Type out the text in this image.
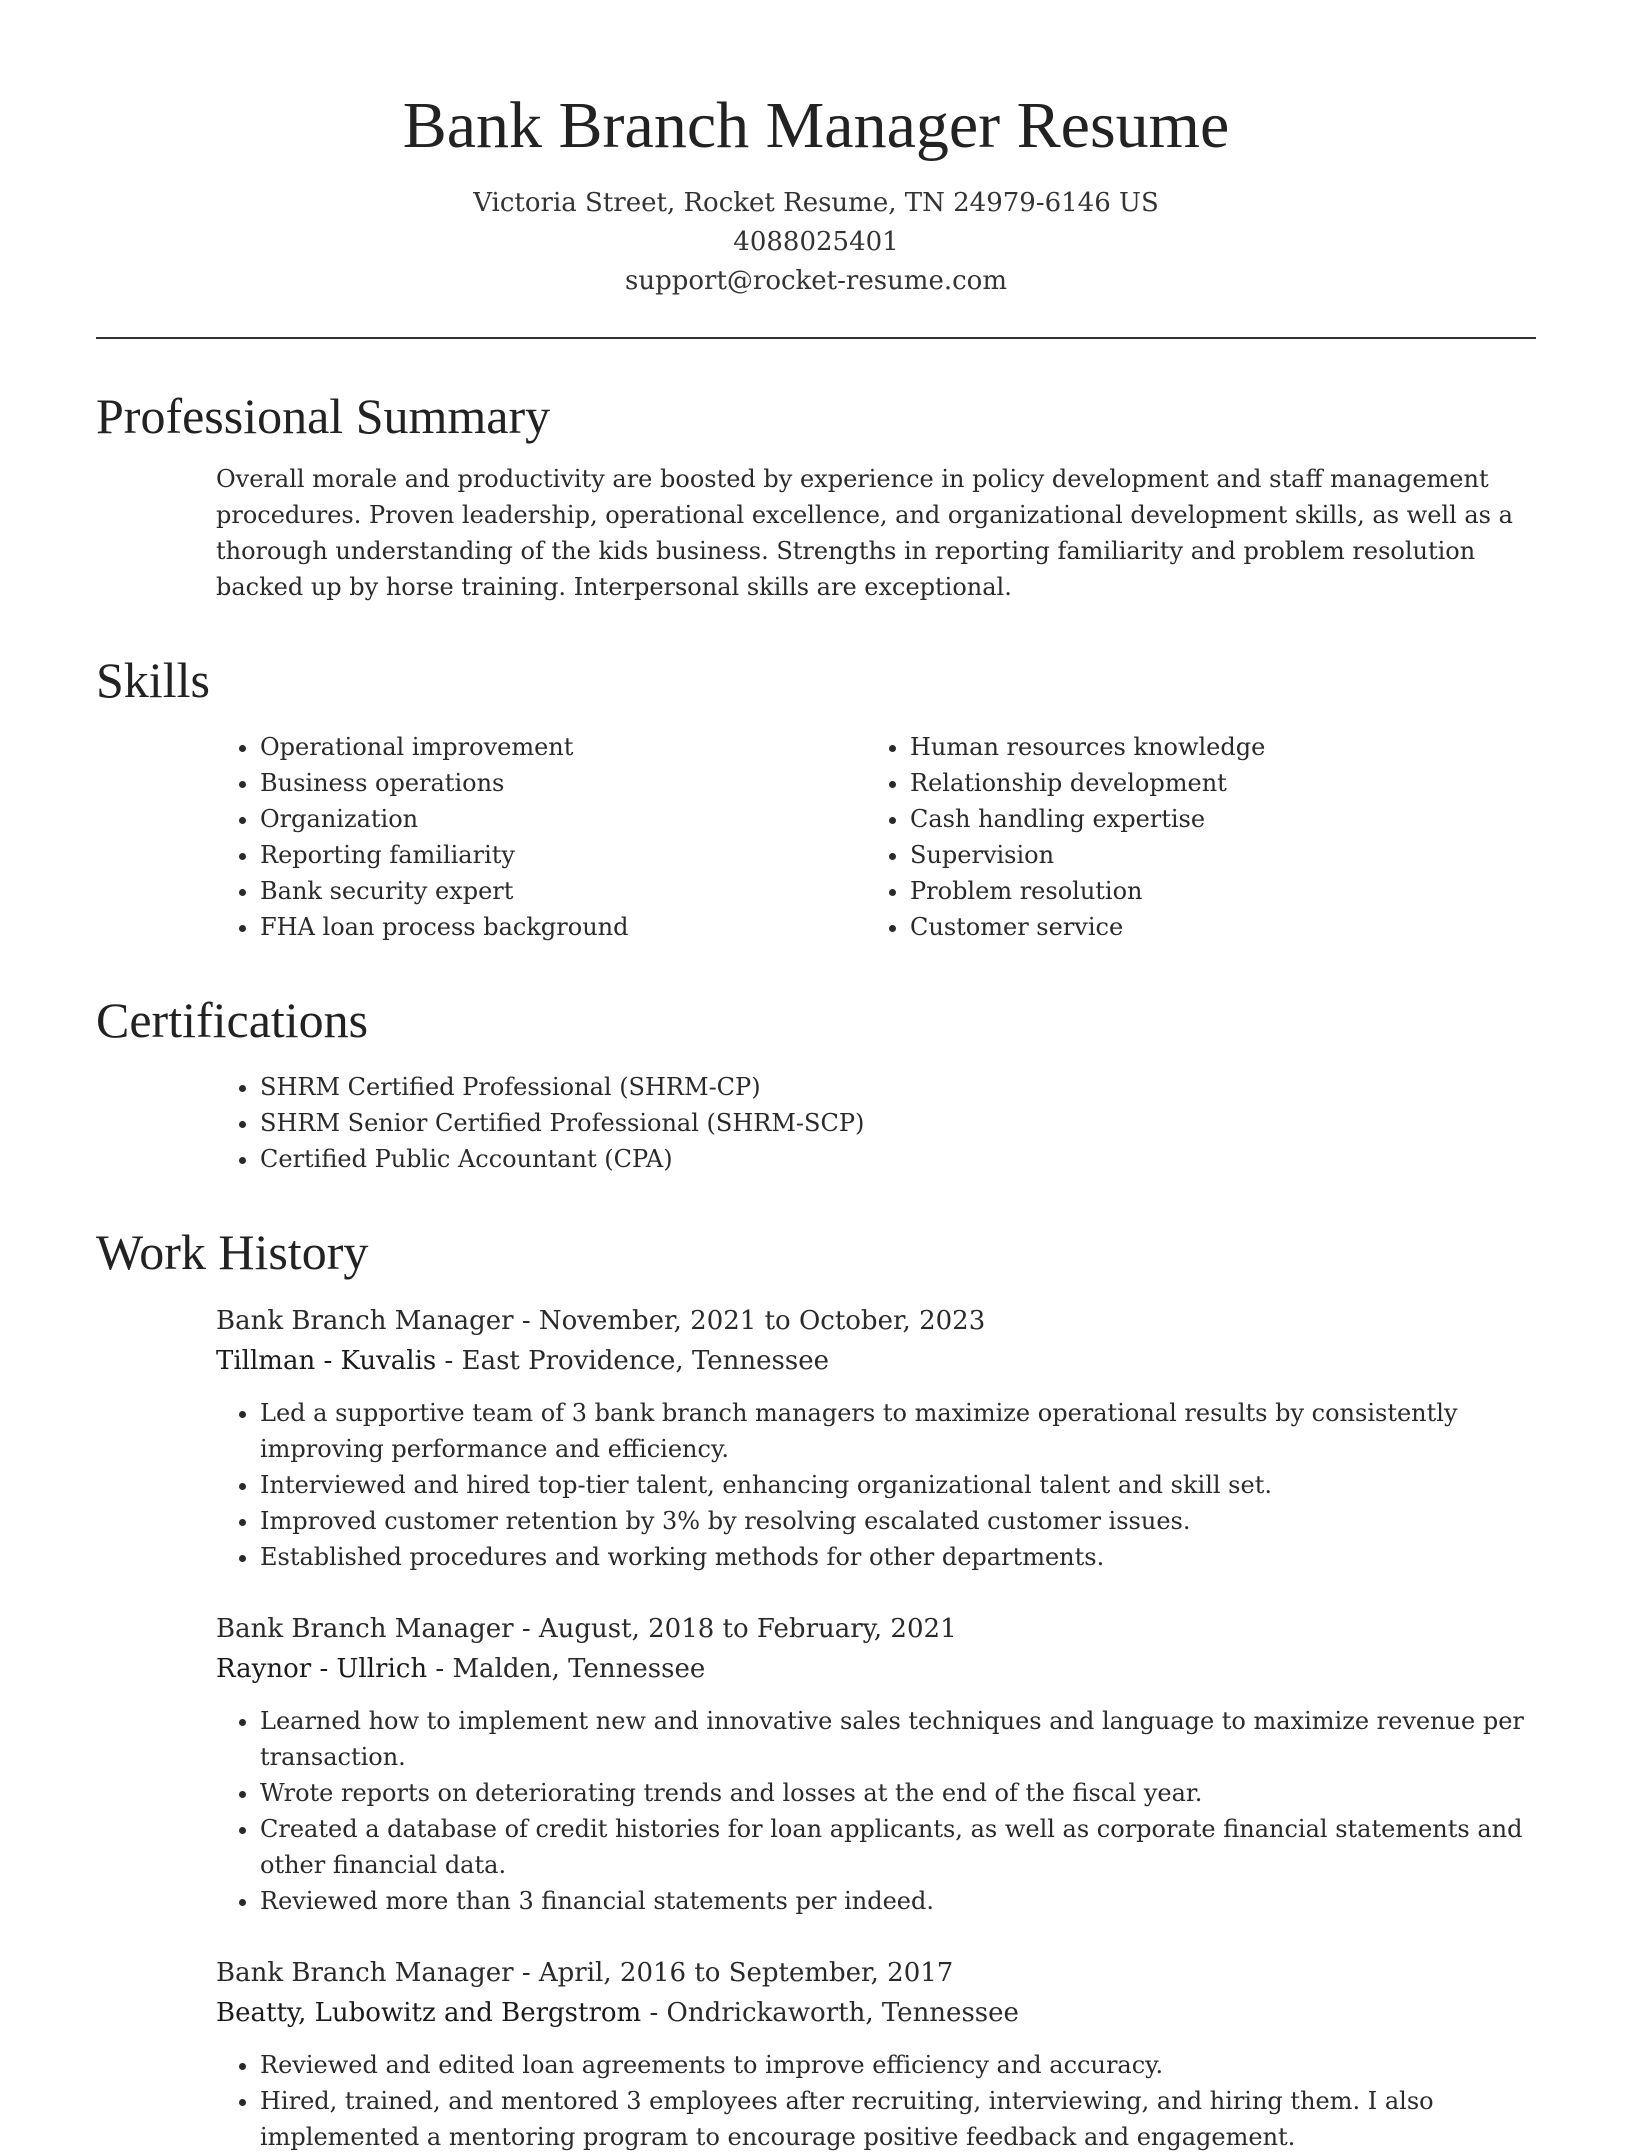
Bank Branch Manager Resume
Victoria Street, Rocket Resume, TN 24979-6146 US
4088025401
support@rocket-resume.com
Professional Summary

Overall morale and productivity are boosted by experience in policy development and staff management procedures. Proven leadership, operational excellence, and organizational development skills, as well as a thorough understanding of the kids business. Strengths in reporting familiarity and problem resolution backed up by horse training. Interpersonal skills are exceptional.

Skills
• Operational improvement
• Business operations
• Organization
• Reporting familiarity
• Bank security expert
• FHA loan process background
• Human resources knowledge
• Relationship development
• Cash handling expertise
• Supervision
• Problem resolution
• Customer service
Certifications
• SHRM Certified Professional (SHRM-CP)
• SHRM Senior Certified Professional (SHRM-SCP)
• Certified Public Accountant (CPA)
Work History
Bank Branch Manager - November, 2021 to October, 2023
Tillman - Kuvalis - East Providence, Tennessee
• Led a supportive team of 3 bank branch managers to maximize operational results by consistently improving performance and efficiency.
• Interviewed and hired top-tier talent, enhancing organizational talent and skill set.
• Improved customer retention by 3% by resolving escalated customer issues.
• Established procedures and working methods for other departments.
Bank Branch Manager - August, 2018 to February, 2021
Raynor - Ullrich - Malden, Tennessee
• Learned how to implement new and innovative sales techniques and language to maximize revenue per transaction.
• Wrote reports on deteriorating trends and losses at the end of the fiscal year.
• Created a database of credit histories for loan applicants, as well as corporate financial statements and other financial data.
• Reviewed more than 3 financial statements per indeed.
Bank Branch Manager - April, 2016 to September, 2017
Beatty, Lubowitz and Bergstrom - Ondrickaworth, Tennessee
• Reviewed and edited loan agreements to improve efficiency and accuracy.
• Hired, trained, and mentored 3 employees after recruiting, interviewing, and hiring them. I also implemented a mentoring program to encourage positive feedback and engagement.
